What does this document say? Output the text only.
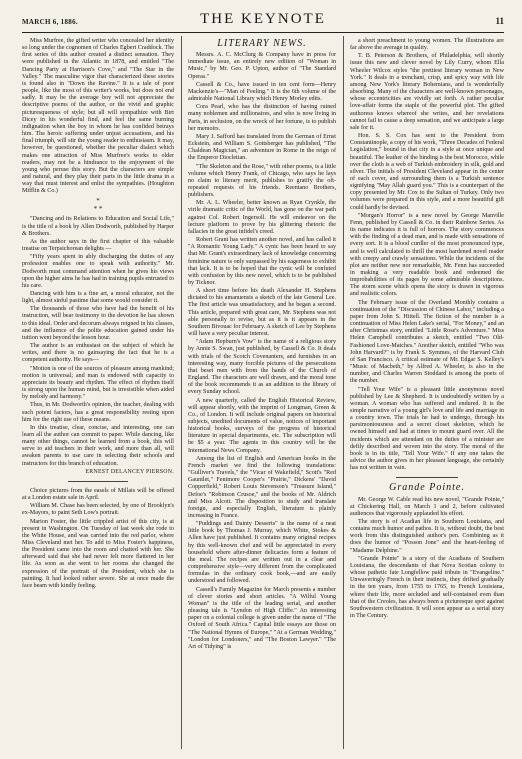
MARCH 6, 1886.	THE KEYNOTE	11

Miss Murfree, the gifted writer who concealed her identity so long under the cognomen of Charles Egbert Craddock. The first series of this author created a distinct sensation. They were published in the Atlantic in 1878, and entitled "The Dancing Party at Harrison's Cove," and "The Star in the Valley." The masculine vigor that characterized these stories is found also in "Down the Ravine." It is a tale of poor people, like the most of this writer's works, but does not end sadly. It may be the average boy will not appreciate the descriptive poems of the author, or the vivid and graphic picturesqueness of style; but all will sympathize with Birt Dicey in his wonderful find, and feel the same burning indignation when the boy in whom he has confided betrays him. The heroic suffering under unjust accusations, and his final triumph, will stir the young reader to enthusiasm. It may, however, be questioned, whether the peculiar dialect which makes one attraction of Miss Murfree's works to older readers, may not be a hindrance to the enjoyment of the young who peruse this story. But the characters are simple and natural, and they play their parts in the little drama in a way that must interest and enlist the sympathies. (Houghton Mifflin & Co.)

*
* *

"Dancing and its Relations to Education and Social Life," is the title of a book by Allen Dodworth, published by Harper & Brothers.

As the author says in the first chapter of this valuable treatise on Terpsichorean delights —

"Fifty years spent in ably discharging the duties of any profession enables one to speak with authority." Mr. Dodworth must command attention when he gives his views upon the higher aims he has had in training pupils entrusted to his care.

Dancing with him is a fine art, a moral educator, not the light, almost sinful pastime that some would consider it.

The thousands of those who have had the benefit of his instruction, will bear testimony to the devotion he has shown to this ideal. Order and decorum always reigned in his classes, and the influence of the polite education gained under his tuition went beyond the lesson hour.

The author is an enthusiast on the subject of which he writes, and there is no gainsaying the fact that he is a competent authority. He says—

"Motion is one of the sources of pleasure among mankind; motion is universal; and man is endowed with capacity to appreciate its beauty and rhythm. The effect of rhythm itself is strong upon the human mind, but is irresistible when aided by melody and harmony."

Thus, in Mr. Dodworth's opinion, the teacher, dealing with such potent factors, has a great responsibility resting upon him for the right use of these means.

In this treatise, clear, concise, and interesting, one can learn all the author can commit to paper. While dancing, like many other things, cannot be learned from a book, this will serve to aid teachers in their work, and more than all, will awaken parents to use care in selecting their schools and instructors for this branch of education.

ERNEST DELANCEY PIERSON.

Choice pictures from the easels of Millais will be offered at a London estate sale in April.

William M. Chase has been selected, by one of Brooklyn's ex-Mayors, to paint Seth Low's portrait.

Marion Foster, the little crippled artist of this city, is at present in Washington. On Tuesday of last week she rode to the White House, and was carried into the red parlor, where Miss Cleveland met her. To add to Miss Foster's happiness, the President came into the room and chatted with her. She afterward said that she had never felt more flattered in her life. As soon as she went to her rooms she changed the expression of the portrait of the President, which she is painting. It had looked rather severe. She at once made the face beam with kindly feeling.

LITERARY NEWS.

Messrs. A. C. McClurg & Company have in press for immediate issue, an entirely new edition of "Woman in Music," by Mr. Geo. P. Upton, author of "The Standard Operas."

Cassell & Co., have issued in ten cent form—Henry Mackenzie's—"Man of Feeling." It is the 6th volume of the admirable National Library which Henry Morley edits.

Cora Pearl, who has the distinction of having ruined many noblemen and millionaires, and who is now living in Paris, in seclusion, on the wreck of her fortune, is to publish her memoirs.

Mary J. Safford has translated from the German of Ernst Eckstein, and William S. Gottsberger has published, "The Chaldean Magician," an adventure in Rome in the reign of the Emperor Diocletian.

"The Skeleton and the Rose," with other poems, is a little volume which Henry Frank, of Chicago, who says he lays no claim to literary merit, publishes to gratify the oft-repeated requests of his friends. Reentano Brothers, publishers.

Mr. A. L. Wheeler, better known as Ryan Crynkle, the virile dramatic critic of the World, has gone on the war path against Col. Robert Ingersoll. He will endeavor on the lecture platform to prove by his glittering rhetoric the fallacies in the great infidel's creed.

Robert Grant has written another novel, and has called it "A Romantic Young Lady." A cynic has been heard to say that Mr. Grant's extraordinary lack of knowledge concerning feminine nature is only surpassed by his eagerness to exhibit that lack. It is to be hoped that the cynic will be confuted with confusion by this new novel, which is to be published by Ticknor.

A short time before his death Alexander H. Stephens dictated to his amanuensis a sketch of the late General Lee. The first article was unsatisfactory, and he began a second. This article, prepared with great care, Mr. Stephens was not able personally to revise, but as it is it appears in the Southern Bivouac for February. A sketch of Lee by Stephens will have a very peculiar interest.

"Adam Hepburn's Vow" is the name of a religious story by Annie S. Swan, just published, by Cassell & Co. It deals with trials of the Scotch Covenanters, and furnishes in an interesting way, many forcible pictures of the persecutions that beset men with from the hands of the Church of England. The characters are well drawn, and the moral tone of the book recommends it as an addition to the library of every Sunday school.

A new quarterly, called the English Historical Review, will appear shortly, with the imprint of Longman, Green & Co., of London. It will include original papers on historical subjects, unedited documents of value, notices of important historical books, surveys of the progress of historical literature in special departments, etc. The subscription will be $5 a year. The agents in this country will be the International News Company.

Among the list of English and American books in the French market we find the following translations: "Gulliver's Travels," the "Vicar of Wakefield," Scott's "Red Gauntlet," Fenimore Cooper's "Prairie," Dickens' "David Copperfield," Robert Louis Stevenson's "Treasure Island," Defoe's "Robinson Crusoe," and the books of Mr. Aldrich and Miss Alcott. The disposition to study and translate foreign, and especially English, literature is plainly increasing in France.

"Puddings and Dainty Desserts" is the name of a neat little book by Thomas J. Murray, which White, Stokes & Allen have just published. It contains many original recipes by this well-known chef and will be appreciated in every household where after-dinner delicacies form a feature of the meal. The recipes are written out in a clear and comprehensive style—very different from the complicated formulas in the ordinary cook book,—and are easily understood and followed.

Cassell's Family Magazine for March presents a number of clever stories and short articles. "A Wilful Young Woman" is the title of the leading serial, and another pleasing tale is "Lyndon of High Cliffe." An interesting paper on a colonial college is given under the name of "The Oxford of South Africa." Capital little essays are those on "The National Hymns of Europe," "At a German Wedding," "London for Londoners," and "The Boston Lawyer." "The Art of Tidying" is

a short preachment to young women. The illustrations are far above the average in quality.

T. B. Peterson & Brothers, of Philadelphia, will shortly issue this new and clever novel by Lily Curry, whom Ella Wheeler Wilcox styles "the prettiest literary woman in New York." It deals in a trenchant, crisp, and spicy way with life among New York's literary Bohemians, and is wonderfully absorbing. Many of the characters are well-known personages, whose eccentricities are vividly set forth. A rather peculiar love-affair forms the staple of the powerful plot. The gifted authoress knows whereof she writes, and her revelations cannot fail to cause a deep sensation, and we anticipate a large sale for it.

Hon. S. S. Cox has sent to the President from Constantinople, a copy of his work, "Three Decades of Federal Legislation," bound in that city in a style at once unique and beautiful. The leather of the binding is the best Morocco, while over the cloth is a web of Turkish embroidery in silk, gold and silver. The initials of President Cleveland appear in the center of each cover, and surrounding them is a Turkish sentence signifying "May Allah guard you." This is a counterpart of the copy presented by Mr. Cox to the Sultan of Turkey. Only two volumes were prepared in this style, and a more beautiful gift could hardly be devised.

"Morgan's Horror" is a new novel by George Manville Fenn, published by Cassell & Co. in their Rainbow Series. As its name indicates it is full of horrors. The story commences with the finding of a dead man, and is made with sensations of every sort. It is a blood curdler of the most pronounced type, and is well calculated to thrill the most hardened novel reader with creepy and crawly sensations. While the incidents of the plot are neither new nor remarkable, Mr. Fenn has succeeded in making a very readable book and redeemed the improbabilities of its pages by some admirable descriptions. The storm scene which opens the story is drawn in vigorous and realistic colors.

The February issue of the Overland Monthly contains a continuation of the "Discussion of Chinese Labor," including a paper from John S. Hittell. The fiction of the number is a continuation of Miss Helen Lake's serial, "For Money," and an after Christmas story, entitled "Little Rose's Adventure." Miss Helen Campbell contributes a sketch, entitled "Two Old-Fashioned Love-Matches." Another sketch, entitled "Who was John Harvard?" is by Frank S. Symmes, of the Harvard Club of San Francisco. A critical estimate of Mr. Edgar S. Kelley's "Music of Macbeth," by Alfred A. Wheeler, is also in the number, and Charles Warren Stoddard is among the poets of the number.

"Tell Your Wife" is a pleasant little anonymous novel published by Lee & Shepherd. It is undoubtedly written by a woman. A woman who has suffered and endured. It is the simple narrative of a young girl's love and life and marriage in a country town. The trials he had to undergo, through his parsimoniousness and a secret closet skeleton, which he owned himself and had at times to mount guard over. All the incidents which are attendant on the duties of a minister are deftly described and woven into the story. The moral of the book is in its title, "Tell Your Wife." If any one takes the advice the author gives in her pleasant language, she certainly has not written in vain.

Grande Pointe.

Mr. George W. Cable read his new novel, "Grande Pointe," at Chickering Hall, on March 1 and 2, before cultivated audiences that vigorously applauded his effort.

The story is of Acadian life in Southern Louisiana, and contains much humor and pathos. It is, without doubt, the best work from this distinguished author's pen. Combining as it does the humor of "Posson Jone" and the heart-feeling of "Madame Delphine."

"Grande Pointe" is a story of the Acadians of Southern Louisiana, the descendants of that Nova Scotian colony to whose pathetic fate Longfellow paid tribute in "Evangeline." Unwaveringly French in their instincts, they drifted gradually in the ten years, from 1755 to 1765, to French Louisiana, where their life, more secluded and self-contained even than that of the Creoles, has always been a picturesque spot against Southwestern civilization. It will soon appear as a serial story in The Century.
